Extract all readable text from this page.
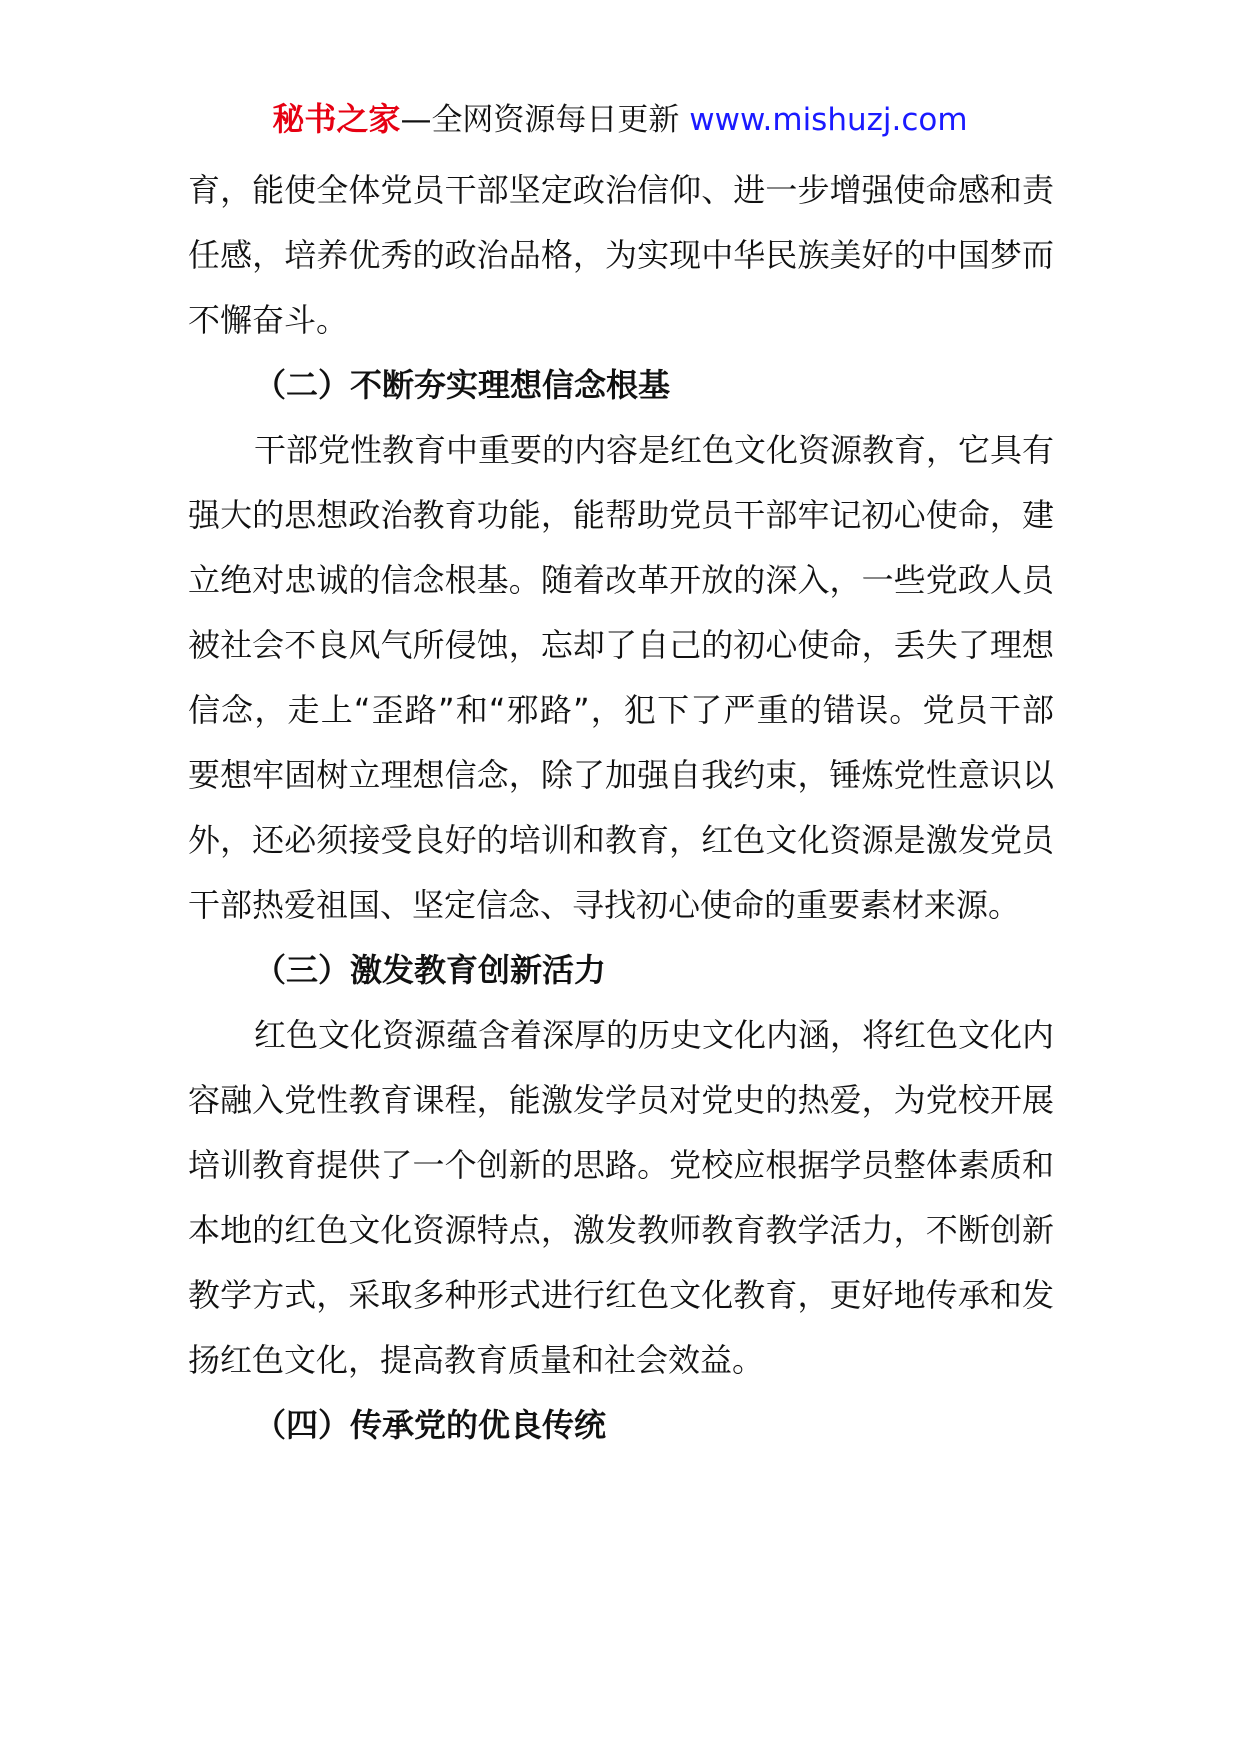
秘书之家—全网资源每日更新 www.mishuzj.com

育，能使全体党员干部坚定政治信仰、进一步增强使命感和责任感，培养优秀的政治品格，为实现中华民族美好的中国梦而不懈奋斗。

（二）不断夯实理想信念根基

干部党性教育中重要的内容是红色文化资源教育，它具有强大的思想政治教育功能，能帮助党员干部牢记初心使命，建立绝对忠诚的信念根基。随着改革开放的深入，一些党政人员被社会不良风气所侵蚀，忘却了自己的初心使命，丢失了理想信念，走上“歪路”和“邪路”，犯下了严重的错误。党员干部要想牢固树立理想信念，除了加强自我约束，锤炼党性意识以外，还必须接受良好的培训和教育，红色文化资源是激发党员干部热爱祖国、坚定信念、寻找初心使命的重要素材来源。

（三）激发教育创新活力

红色文化资源蕴含着深厚的历史文化内涵，将红色文化内容融入党性教育课程，能激发学员对党史的热爱，为党校开展培训教育提供了一个创新的思路。党校应根据学员整体素质和本地的红色文化资源特点，激发教师教育教学活力，不断创新教学方式，采取多种形式进行红色文化教育，更好地传承和发扬红色文化，提高教育质量和社会效益。

（四）传承党的优良传统
